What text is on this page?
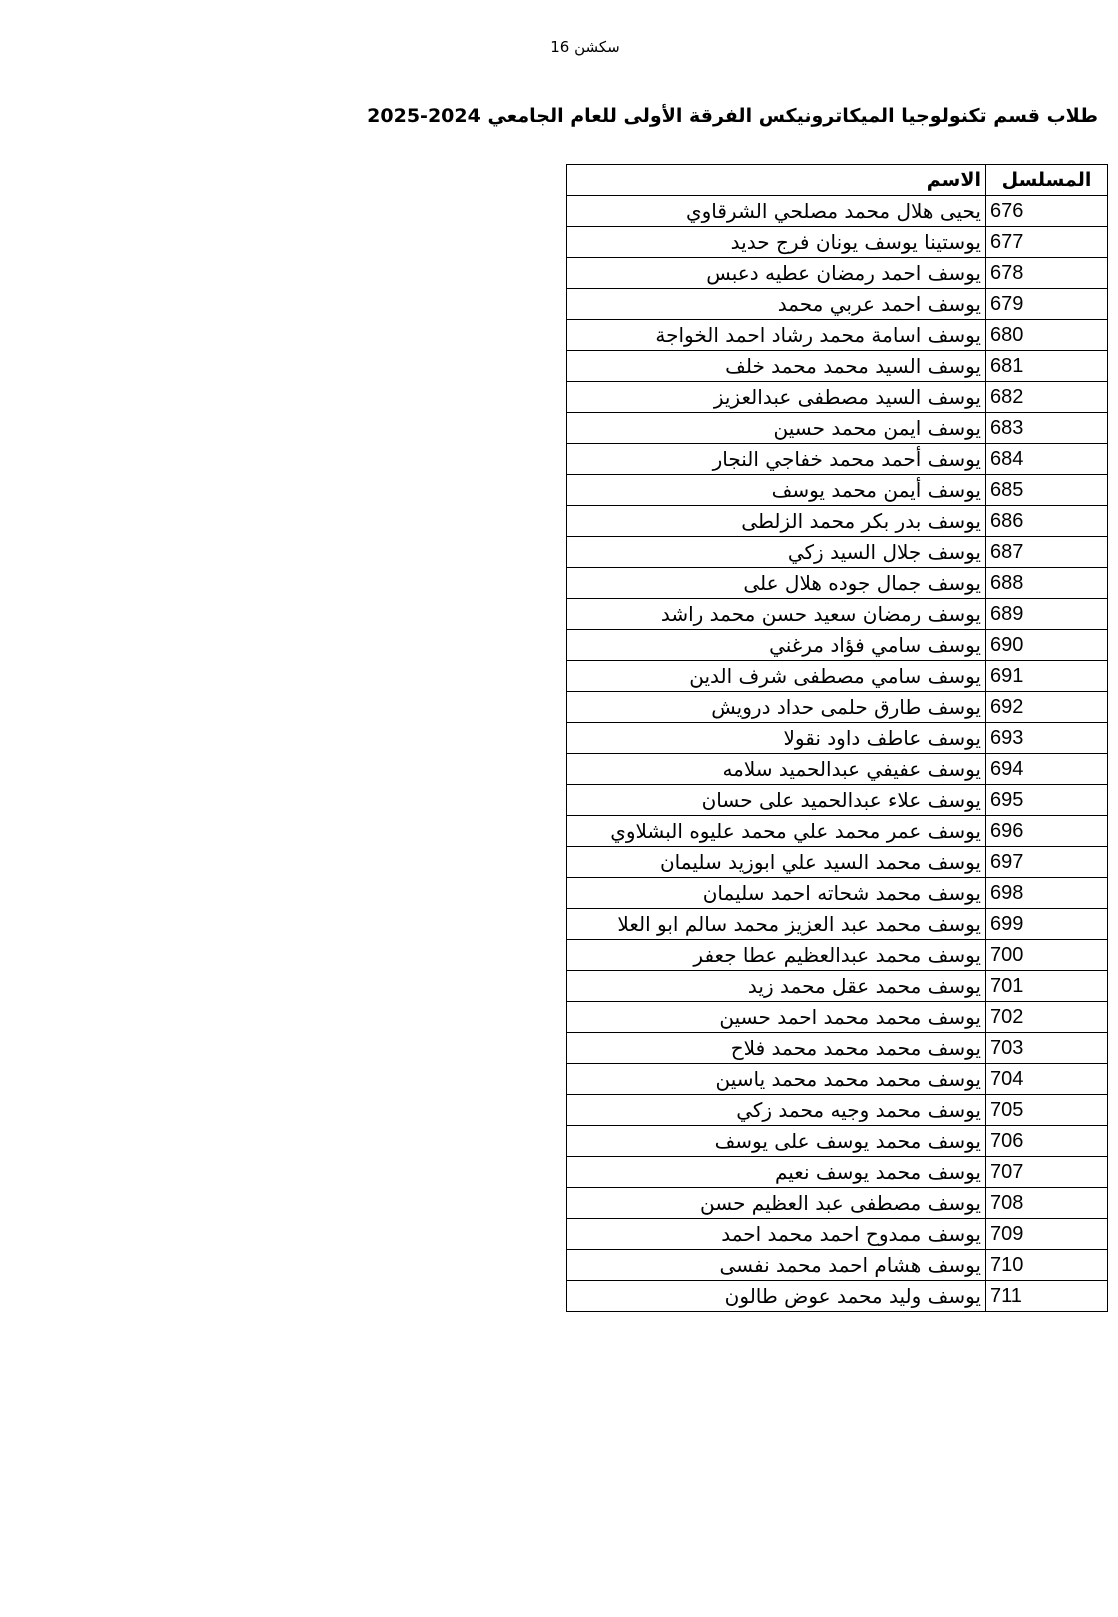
سكشن 16
طلاب قسم تكنولوجيا الميكاترونيكس الفرقة الأولى للعام الجامعي 2024-2025
المسلسل	الاسم
676	يحيى هلال محمد مصلحي الشرقاوي
677	يوستينا يوسف يونان فرج حديد
678	يوسف احمد رمضان عطيه دعبس
679	يوسف احمد عربي محمد
680	يوسف اسامة محمد رشاد احمد الخواجة
681	يوسف السيد محمد محمد خلف
682	يوسف السيد مصطفى عبدالعزيز
683	يوسف ايمن محمد حسين
684	يوسف أحمد محمد خفاجي النجار
685	يوسف أيمن محمد يوسف
686	يوسف بدر بكر محمد الزلطى
687	يوسف جلال السيد زكي
688	يوسف جمال جوده هلال على
689	يوسف رمضان سعيد حسن محمد راشد
690	يوسف سامي فؤاد مرغني
691	يوسف سامي مصطفى شرف الدين
692	يوسف طارق حلمى حداد درويش
693	يوسف عاطف داود نقولا
694	يوسف عفيفي عبدالحميد سلامه
695	يوسف علاء عبدالحميد على حسان
696	يوسف عمر محمد علي محمد عليوه البشلاوي
697	يوسف محمد السيد علي ابوزيد سليمان
698	يوسف محمد شحاته احمد سليمان
699	يوسف محمد عبد العزيز محمد سالم ابو العلا
700	يوسف محمد عبدالعظيم عطا جعفر
701	يوسف محمد عقل محمد زيد
702	يوسف محمد محمد احمد حسين
703	يوسف محمد محمد محمد فلاح
704	يوسف محمد محمد محمد ياسين
705	يوسف محمد وجيه محمد زكي
706	يوسف محمد يوسف على يوسف
707	يوسف محمد يوسف نعيم
708	يوسف مصطفى عبد العظيم حسن
709	يوسف ممدوح احمد محمد احمد
710	يوسف هشام احمد محمد نفسى
711	يوسف وليد محمد عوض طالون
